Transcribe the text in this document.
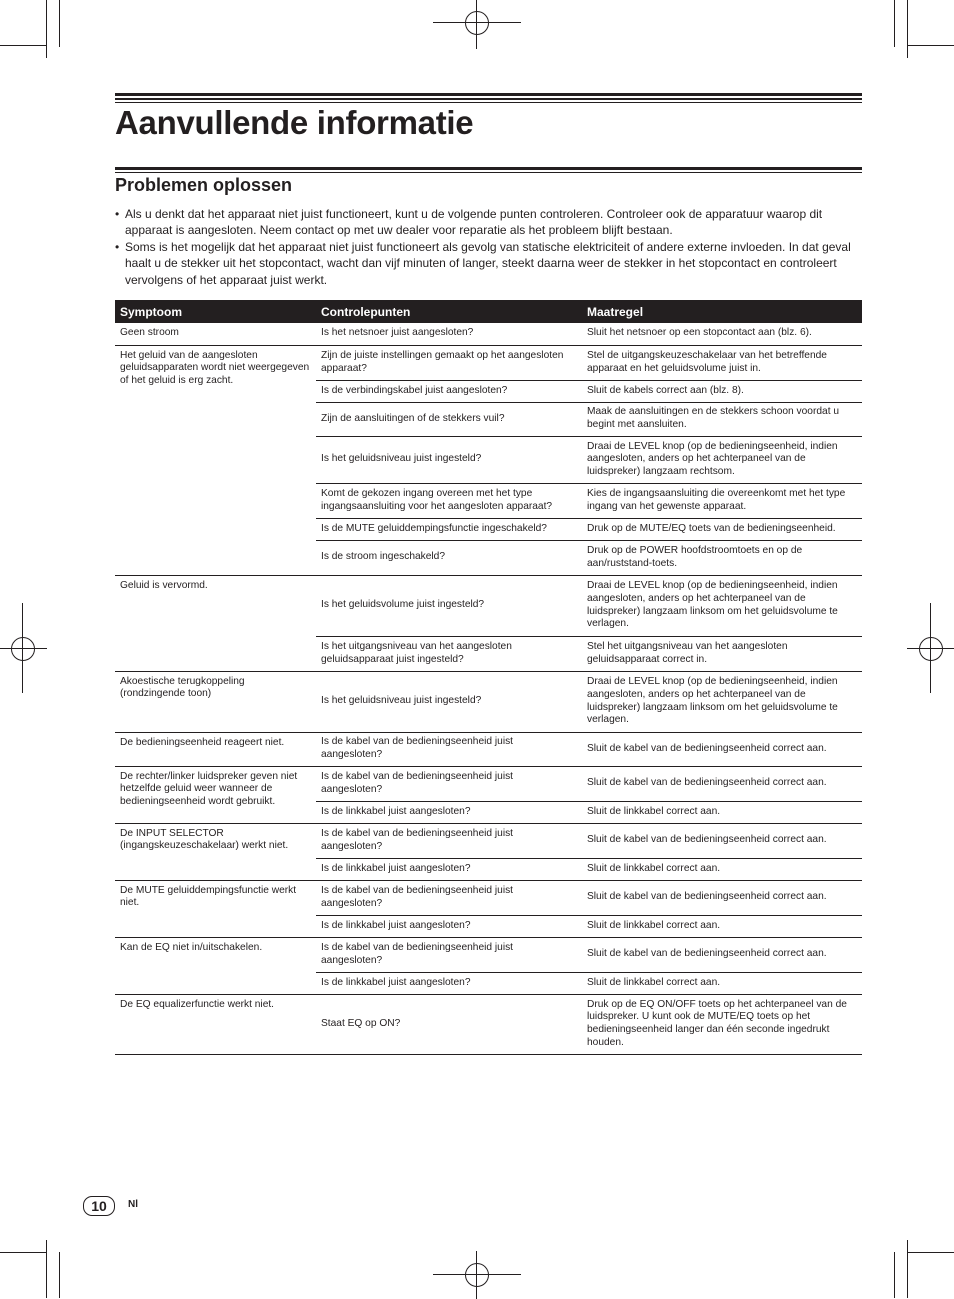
Aanvullende informatie
Problemen oplossen
• Als u denkt dat het apparaat niet juist functioneert, kunt u de volgende punten controleren. Controleer ook de apparatuur waarop dit apparaat is aangesloten. Neem contact op met uw dealer voor reparatie als het probleem blijft bestaan.
• Soms is het mogelijk dat het apparaat niet juist functioneert als gevolg van statische elektriciteit of andere externe invloeden. In dat geval haalt u de stekker uit het stopcontact, wacht dan vijf minuten of langer, steekt daarna weer de stekker in het stopcontact en controleert vervolgens of het apparaat juist werkt.
Symptoom	Controlepunten	Maatregel
Geen stroom	Is het netsnoer juist aangesloten?	Sluit het netsnoer op een stopcontact aan (blz. 6).
Het geluid van de aangesloten geluidsapparaten wordt niet weergegeven of het geluid is erg zacht.	Zijn de juiste instellingen gemaakt op het aangesloten apparaat?	Stel de uitgangskeuzeschakelaar van het betreffende apparaat en het geluidsvolume juist in.
	Is de verbindingskabel juist aangesloten?	Sluit de kabels correct aan (blz. 8).
	Zijn de aansluitingen of de stekkers vuil?	Maak de aansluitingen en de stekkers schoon voordat u begint met aansluiten.
	Is het geluidsniveau juist ingesteld?	Draai de LEVEL knop (op de bedieningseenheid, indien aangesloten, anders op het achterpaneel van de luidspreker) langzaam rechtsom.
	Komt de gekozen ingang overeen met het type ingangsaansluiting voor het aangesloten apparaat?	Kies de ingangsaansluiting die overeenkomt met het type ingang van het gewenste apparaat.
	Is de MUTE geluiddempingsfunctie ingeschakeld?	Druk op de MUTE/EQ toets van de bedieningseenheid.
	Is de stroom ingeschakeld?	Druk op de POWER hoofdstroomtoets en op de aan/ruststand-toets.
Geluid is vervormd.	Is het geluidsvolume juist ingesteld?	Draai de LEVEL knop (op de bedieningseenheid, indien aangesloten, anders op het achterpaneel van de luidspreker) langzaam linksom om het geluidsvolume te verlagen.
	Is het uitgangsniveau van het aangesloten geluidsapparaat juist ingesteld?	Stel het uitgangsniveau van het aangesloten geluidsapparaat correct in.
Akoestische terugkoppeling (rondzingende toon)	Is het geluidsniveau juist ingesteld?	Draai de LEVEL knop (op de bedieningseenheid, indien aangesloten, anders op het achterpaneel van de luidspreker) langzaam linksom om het geluidsvolume te verlagen.
De bedieningseenheid reageert niet.	Is de kabel van de bedieningseenheid juist aangesloten?	Sluit de kabel van de bedieningseenheid correct aan.
De rechter/linker luidspreker geven niet hetzelfde geluid weer wanneer de bedieningseenheid wordt gebruikt.	Is de kabel van de bedieningseenheid juist aangesloten?	Sluit de kabel van de bedieningseenheid correct aan.
	Is de linkkabel juist aangesloten?	Sluit de linkkabel correct aan.
De INPUT SELECTOR (ingangskeuzeschakelaar) werkt niet.	Is de kabel van de bedieningseenheid juist aangesloten?	Sluit de kabel van de bedieningseenheid correct aan.
	Is de linkkabel juist aangesloten?	Sluit de linkkabel correct aan.
De MUTE geluiddempingsfunctie werkt niet.	Is de kabel van de bedieningseenheid juist aangesloten?	Sluit de kabel van de bedieningseenheid correct aan.
	Is de linkkabel juist aangesloten?	Sluit de linkkabel correct aan.
Kan de EQ niet in/uitschakelen.	Is de kabel van de bedieningseenheid juist aangesloten?	Sluit de kabel van de bedieningseenheid correct aan.
	Is de linkkabel juist aangesloten?	Sluit de linkkabel correct aan.
De EQ equalizerfunctie werkt niet.	Staat EQ op ON?	Druk op de EQ ON/OFF toets op het achterpaneel van de luidspreker. U kunt ook de MUTE/EQ toets op het bedieningseenheid langer dan één seconde ingedrukt houden.
10	Nl
